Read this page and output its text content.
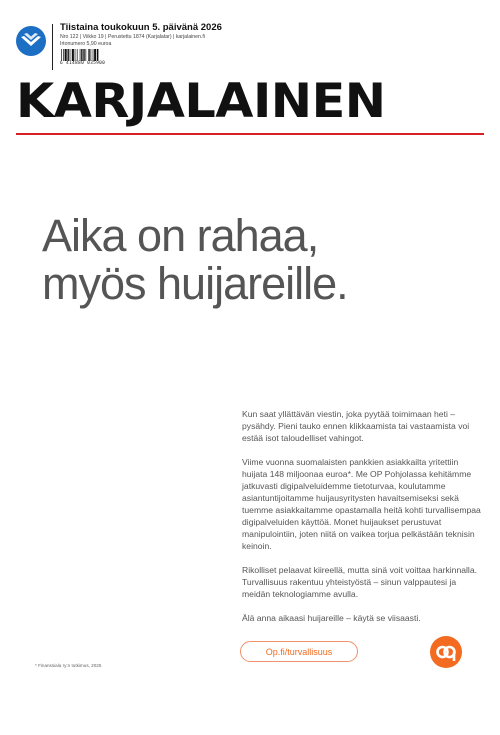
Tiistaina toukokuun 5. päivänä 2026
Nro 122 | Viikko 19 | Perustettu 1874 (Karjalatar) | karjalainen.fi
Irtonumero 5,90 euroa
6 414880 035900
KARJALAINEN
Aika on rahaa,
myös huijareille.

Kun saat yllättävän viestin, joka pyytää toimimaan heti – pysähdy. Pieni tauko ennen klikkaamista tai vastaamista voi estää isot taloudelliset vahingot.

Viime vuonna suomalaisten pankkien asiakkailta yritettiin huijata 148 miljoonaa euroa*. Me OP Pohjolassa kehitämme jatkuvasti digipalveluidemme tietoturvaa, koulutamme asiantuntijoitamme huijausyritysten havaitsemiseksi sekä tuemme asiakkaitamme opastamalla heitä kohti turvallisempaa digipalveluiden käyttöä. Monet huijaukset perustuvat manipulointiin, joten niitä on vaikea torjua pelkästään teknisin keinoin.

Rikolliset pelaavat kiireellä, mutta sinä voit voittaa harkinnalla. Turvallisuus rakentuu yhteistyöstä – sinun valppautesi ja meidän teknologiamme avulla.

Älä anna aikaasi huijareille – käytä se viisaasti.

Op.fi/turvallisuus
* Finanssiala ry:n tutkimus, 2025
